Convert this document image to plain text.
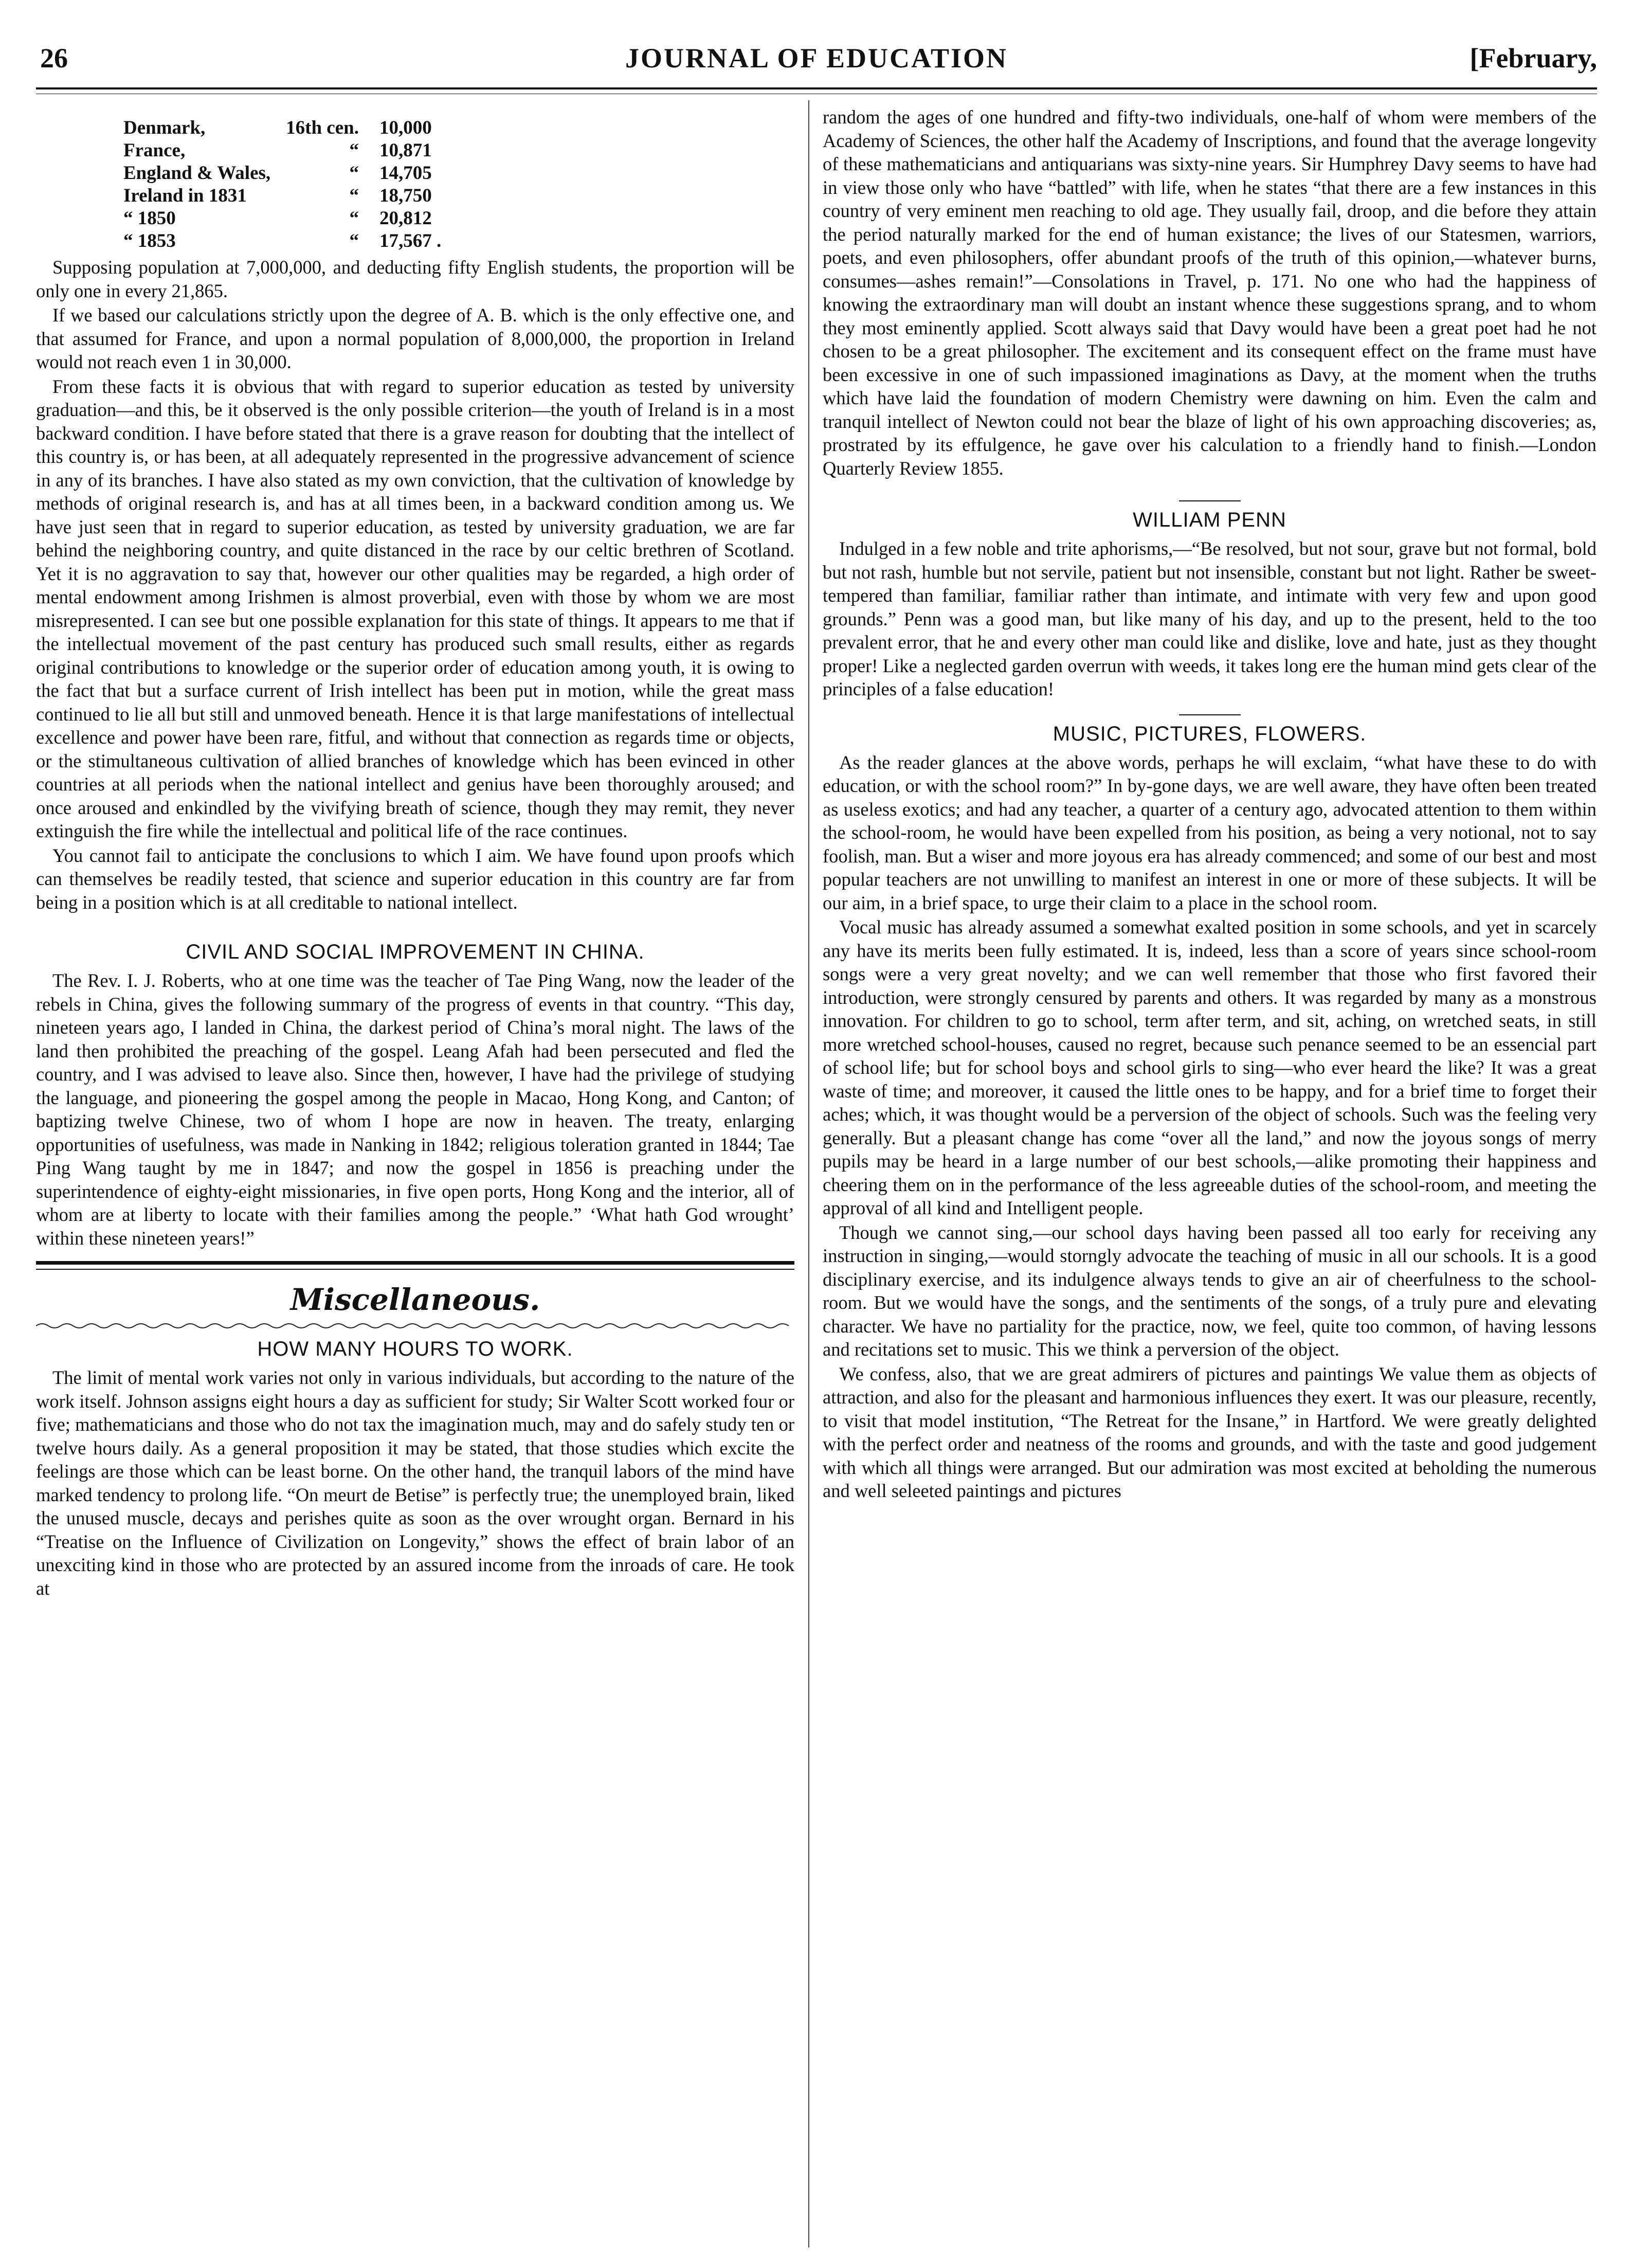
26	JOURNAL OF EDUCATION	[February,
Denmark,	16th cen.	10,000
France,	“	10,871
England & Wales,	“	14,705
Ireland in 1831	“	18,750
“ 1850	“	20,812
“ 1853	“	17,567 .

Supposing population at 7,000,000, and deducting fifty English students, the proportion will be only one in every 21,865.

If we based our calculations strictly upon the degree of A. B. which is the only effective one, and that assumed for France, and upon a normal population of 8,000,000, the proportion in Ireland would not reach even 1 in 30,000.

From these facts it is obvious that with regard to superior education as tested by university graduation—and this, be it observed is the only possible criterion—the youth of Ireland is in a most backward condition. I have before stated that there is a grave reason for doubting that the intellect of this country is, or has been, at all adequately represented in the progressive advancement of science in any of its branches. I have also stated as my own conviction, that the cultivation of knowledge by methods of original research is, and has at all times been, in a backward condition among us. We have just seen that in regard to superior education, as tested by university graduation, we are far behind the neighboring country, and quite distanced in the race by our celtic brethren of Scotland. Yet it is no aggravation to say that, however our other qualities may be regarded, a high order of mental endowment among Irishmen is almost proverbial, even with those by whom we are most misrepresented. I can see but one possible explanation for this state of things. It appears to me that if the intellectual movement of the past century has produced such small results, either as regards original contributions to knowledge or the superior order of education among youth, it is owing to the fact that but a surface current of Irish intellect has been put in motion, while the great mass continued to lie all but still and unmoved beneath. Hence it is that large manifestations of intellectual excellence and power have been rare, fitful, and without that connection as regards time or objects, or the stimultaneous cultivation of allied branches of knowledge which has been evinced in other countries at all periods when the national intellect and genius have been thoroughly aroused; and once aroused and enkindled by the vivifying breath of science, though they may remit, they never extinguish the fire while the intellectual and political life of the race continues.

You cannot fail to anticipate the conclusions to which I aim. We have found upon proofs which can themselves be readily tested, that science and superior education in this country are far from being in a position which is at all creditable to national intellect.

CIVIL AND SOCIAL IMPROVEMENT IN CHINA.

The Rev. I. J. Roberts, who at one time was the teacher of Tae Ping Wang, now the leader of the rebels in China, gives the following summary of the progress of events in that country. “This day, nineteen years ago, I landed in China, the darkest period of China’s moral night. The laws of the land then prohibited the preaching of the gospel. Leang Afah had been persecuted and fled the country, and I was advised to leave also. Since then, however, I have had the privilege of studying the language, and pioneering the gospel among the people in Macao, Hong Kong, and Canton; of baptizing twelve Chinese, two of whom I hope are now in heaven. The treaty, enlarging opportunities of usefulness, was made in Nanking in 1842; religious toleration granted in 1844; Tae Ping Wang taught by me in 1847; and now the gospel in 1856 is preaching under the superintendence of eighty-eight missionaries, in five open ports, Hong Kong and the interior, all of whom are at liberty to locate with their families among the people.” ‘What hath God wrought’ within these nineteen years!”

Miscellaneous.
HOW MANY HOURS TO WORK.

The limit of mental work varies not only in various individuals, but according to the nature of the work itself. Johnson assigns eight hours a day as sufficient for study; Sir Walter Scott worked four or five; mathematicians and those who do not tax the imagination much, may and do safely study ten or twelve hours daily. As a general proposition it may be stated, that those studies which excite the feelings are those which can be least borne. On the other hand, the tranquil labors of the mind have marked tendency to prolong life. “On meurt de Betise” is perfectly true; the unemployed brain, liked the unused muscle, decays and perishes quite as soon as the over wrought organ. Bernard in his “Treatise on the Influence of Civilization on Longevity,” shows the effect of brain labor of an unexciting kind in those who are protected by an assured income from the inroads of care. He took at

random the ages of one hundred and fifty-two individuals, one-half of whom were members of the Academy of Sciences, the other half the Academy of Inscriptions, and found that the average longevity of these mathematicians and antiquarians was sixty-nine years. Sir Humphrey Davy seems to have had in view those only who have “battled” with life, when he states “that there are a few instances in this country of very eminent men reaching to old age. They usually fail, droop, and die before they attain the period naturally marked for the end of human existance; the lives of our Statesmen, warriors, poets, and even philosophers, offer abundant proofs of the truth of this opinion,—whatever burns, consumes—ashes remain!”—Consolations in Travel, p. 171. No one who had the happiness of knowing the extraordinary man will doubt an instant whence these suggestions sprang, and to whom they most eminently applied. Scott always said that Davy would have been a great poet had he not chosen to be a great philosopher. The excitement and its consequent effect on the frame must have been excessive in one of such impassioned imaginations as Davy, at the moment when the truths which have laid the foundation of modern Chemistry were dawning on him. Even the calm and tranquil intellect of Newton could not bear the blaze of light of his own approaching discoveries; as, prostrated by its effulgence, he gave over his calculation to a friendly hand to finish.—London Quarterly Review 1855.

WILLIAM PENN

Indulged in a few noble and trite aphorisms,—“Be resolved, but not sour, grave but not formal, bold but not rash, humble but not servile, patient but not insensible, constant but not light. Rather be sweet-tempered than familiar, familiar rather than intimate, and intimate with very few and upon good grounds.” Penn was a good man, but like many of his day, and up to the present, held to the too prevalent error, that he and every other man could like and dislike, love and hate, just as they thought proper! Like a neglected garden overrun with weeds, it takes long ere the human mind gets clear of the principles of a false education!

MUSIC, PICTURES, FLOWERS.

As the reader glances at the above words, perhaps he will exclaim, “what have these to do with education, or with the school room?” In by-gone days, we are well aware, they have often been treated as useless exotics; and had any teacher, a quarter of a century ago, advocated attention to them within the school-room, he would have been expelled from his position, as being a very notional, not to say foolish, man. But a wiser and more joyous era has already commenced; and some of our best and most popular teachers are not unwilling to manifest an interest in one or more of these subjects. It will be our aim, in a brief space, to urge their claim to a place in the school room.

Vocal music has already assumed a somewhat exalted position in some schools, and yet in scarcely any have its merits been fully estimated. It is, indeed, less than a score of years since school-room songs were a very great novelty; and we can well remember that those who first favored their introduction, were strongly censured by parents and others. It was regarded by many as a monstrous innovation. For children to go to school, term after term, and sit, aching, on wretched seats, in still more wretched school-houses, caused no regret, because such penance seemed to be an essencial part of school life; but for school boys and school girls to sing—who ever heard the like? It was a great waste of time; and moreover, it caused the little ones to be happy, and for a brief time to forget their aches; which, it was thought would be a perversion of the object of schools. Such was the feeling very generally. But a pleasant change has come “over all the land,” and now the joyous songs of merry pupils may be heard in a large number of our best schools,—alike promoting their happiness and cheering them on in the performance of the less agreeable duties of the school-room, and meeting the approval of all kind and Intelligent people.

Though we cannot sing,—our school days having been passed all too early for receiving any instruction in singing,—would storngly advocate the teaching of music in all our schools. It is a good disciplinary exercise, and its indulgence always tends to give an air of cheerfulness to the school-room. But we would have the songs, and the sentiments of the songs, of a truly pure and elevating character. We have no partiality for the practice, now, we feel, quite too common, of having lessons and recitations set to music. This we think a perversion of the object.

We confess, also, that we are great admirers of pictures and paintings We value them as objects of attraction, and also for the pleasant and harmonious influences they exert. It was our pleasure, recently, to visit that model institution, “The Retreat for the Insane,” in Hartford. We were greatly delighted with the perfect order and neatness of the rooms and grounds, and with the taste and good judgement with which all things were arranged. But our admiration was most excited at beholding the numerous and well seleeted paintings and pictures
